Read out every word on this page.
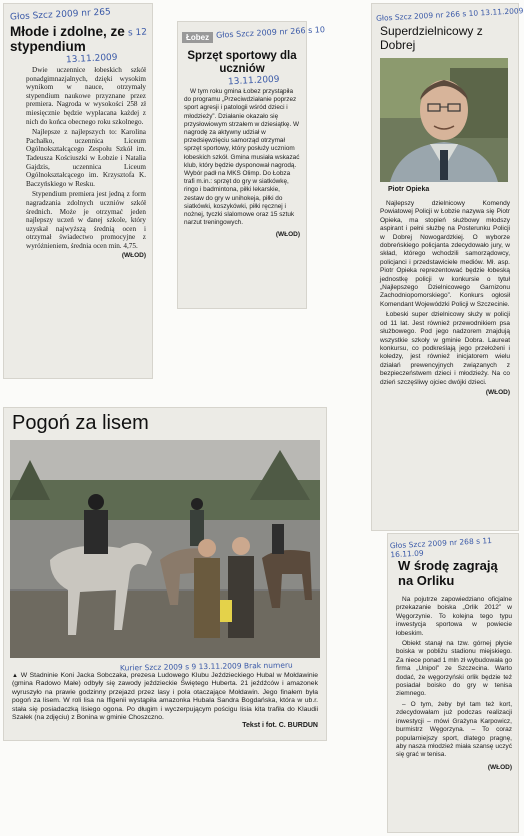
Głos Szcz 2009 nr 265
s 12
Młode i zdolne, ze stypendium
13.11.2009

Dwie uczennice łobeskich szkół ponadgimnazjalnych, dzięki wysokim wynikom w nauce, otrzymały stypendium naukowe przyznane przez premiera. Nagroda w wysokości 258 zł miesięcznie będzie wypłacana każdej z nich do końca obecnego roku szkolnego.

Najlepsze z najlepszych to: Karolina Pachałko, uczennica Liceum Ogólnokształcącego Zespołu Szkół im. Tadeusza Kościuszki w Łobzie i Natalia Gajdzis, uczennica Liceum Ogólnokształcącego im. Krzysztofa K. Baczyńskiego w Resku.

Stypendium premiera jest jedną z form nagradzania zdolnych uczniów szkół średnich. Może je otrzymać jeden najlepszy uczeń w danej szkole, który uzyskał najwyższą średnią ocen i otrzymał świadectwo promocyjne z wyróżnieniem, średnia ocen min. 4,75.

(WŁOD)
Łobez Głos Szcz 2009 nr 266 s 10
Sprzęt sportowy dla uczniów
13.11.2009

W tym roku gmina Łobez przystąpiła do programu „Przeciwdziałanie poprzez sport agresji i patologii wśród dzieci i młodzieży”. Działanie okazało się przysłowiowym strzałem w dziesiątkę. W nagrodę za aktywny udział w przedsięwzięciu samorząd otrzymał sprzęt sportowy, który posłuży uczniom łobeskich szkół. Gmina musiała wskazać klub, który będzie dysponował nagrodą. Wybór padł na MKS Olimp. Do Łobza trafi m.in.: sprzęt do gry w siatkówkę, ringo i badmintona, piłki lekarskie, zestaw do gry w unihokeja, piłki do siatkówki, koszykówki, piłki ręcznej i nożnej, tyczki slalomowe oraz 15 sztuk narzut treningowych.

(WŁOD)
Głos Szcz 2009 nr 266 s 10 13.11.2009
Superdzielnicowy z Dobrej
Piotr Opieka

Najlepszy dzielnicowy Komendy Powiatowej Policji w Łobzie nazywa się Piotr Opieka, ma stopień służbowy młodszy aspirant i pełni służbę na Posterunku Policji w Dobrej Nowogardzkiej. O wyborze dobreńskiego policjanta zdecydowało jury, w skład, którego wchodzili samorządowcy, policjanci i przedstawiciele mediów. Mł. asp. Piotr Opieka reprezentować będzie łobeską jednostkę policji w konkursie o tytuł „Najlepszego Dzielnicowego Garnizonu Zachodniopomorskiego”. Konkurs ogłosił Komendant Wojewódzki Policji w Szczecinie.

Łobeski super dzielnicowy służy w policji od 11 lat. Jest również przewodnikiem psa służbowego. Pod jego nadzorem znajdują wszystkie szkoły w gminie Dobra. Laureat konkursu, co podkreślają jego przełożeni i koledzy, jest również inicjatorem wielu działań prewencyjnych związanych z bezpieczeństwem dzieci i młodzieży. Na co dzień szczęśliwy ojciec dwójki dzieci.

(WŁOD)
Pogoń za lisem
Kurier Szcz 2009 s 9 13.11.2009 Brak numeru
▲ W Stadninie Koni Jacka Sobczaka, prezesa Ludowego Klubu Jeździeckiego Hubal w Mołdawinie (gmina Radowo Małe) odbyły się zawody jeździeckie Świętego Huberta. 21 jeźdźców i amazonek wyruszyło na prawie godzinny przejazd przez lasy i pola otaczające Mołdawin. Jego finałem była pogoń za lisem. W roli lisa na Ifigenii wystąpiła amazonka Hubala Sandra Bogdańska, która w ub.r. stała się posiadaczką lisiego ogona. Po długim i wyczerpującym pościgu lisia kita trafiła do Klaudii Szałek (na zdjęciu) z Bonina w gminie Choszczno.
Tekst i fot. C. BURDUN
Głos Szcz 2009 nr 268 s 11 16.11.09
W środę zagrają na Orliku

Na pojutrze zapowiedziano oficjalne przekazanie boiska „Orlik 2012” w Węgorzynie. To kolejna tego typu inwestycja sportowa w powiecie łobeskim.

Obiekt stanął na tzw. górnej płycie boiska w pobliżu stadionu miejskiego. Za niece ponad 1 mln zł wybudowała go firma „Unipol” ze Szczecina. Warto dodać, że węgorzyński orlik będzie też posiadał boisko do gry w tenisa ziemnego.

– O tym, żeby był tam też kort, zdecydowałam już podczas realizacji inwestycji – mówi Grażyna Karpowicz, burmistrz Węgorzyna. – To coraz popularniejszy sport, dlatego pragnę, aby nasza młodzież miała szansę uczyć się grać w tenisa.

(WŁOD)
